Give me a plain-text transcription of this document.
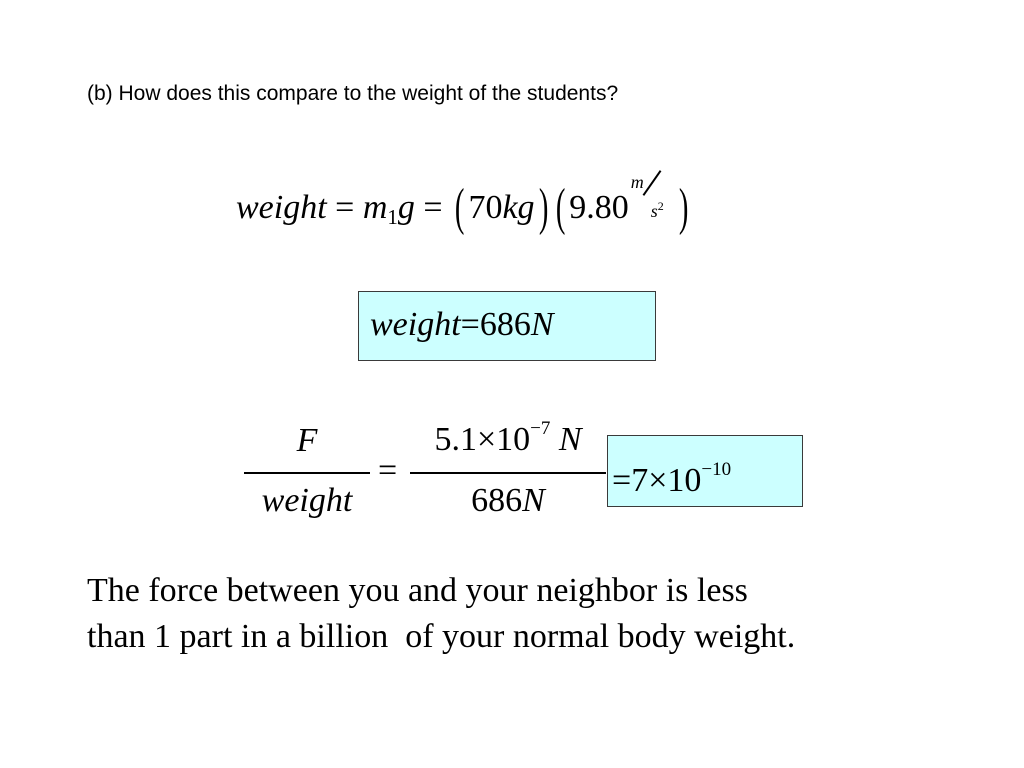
(b) How does this compare to the weight of the students?
weight = $m_1g$ = ( 70kg) ( 9.80
m
$s^2$ )
weight=686N
F
weight
=
$5.1\times 10^{-7}$ N
686N
$=7\times 10^{-10}$
The force between you and your neighbor is less
than 1 part in a billion  of your normal body weight.
